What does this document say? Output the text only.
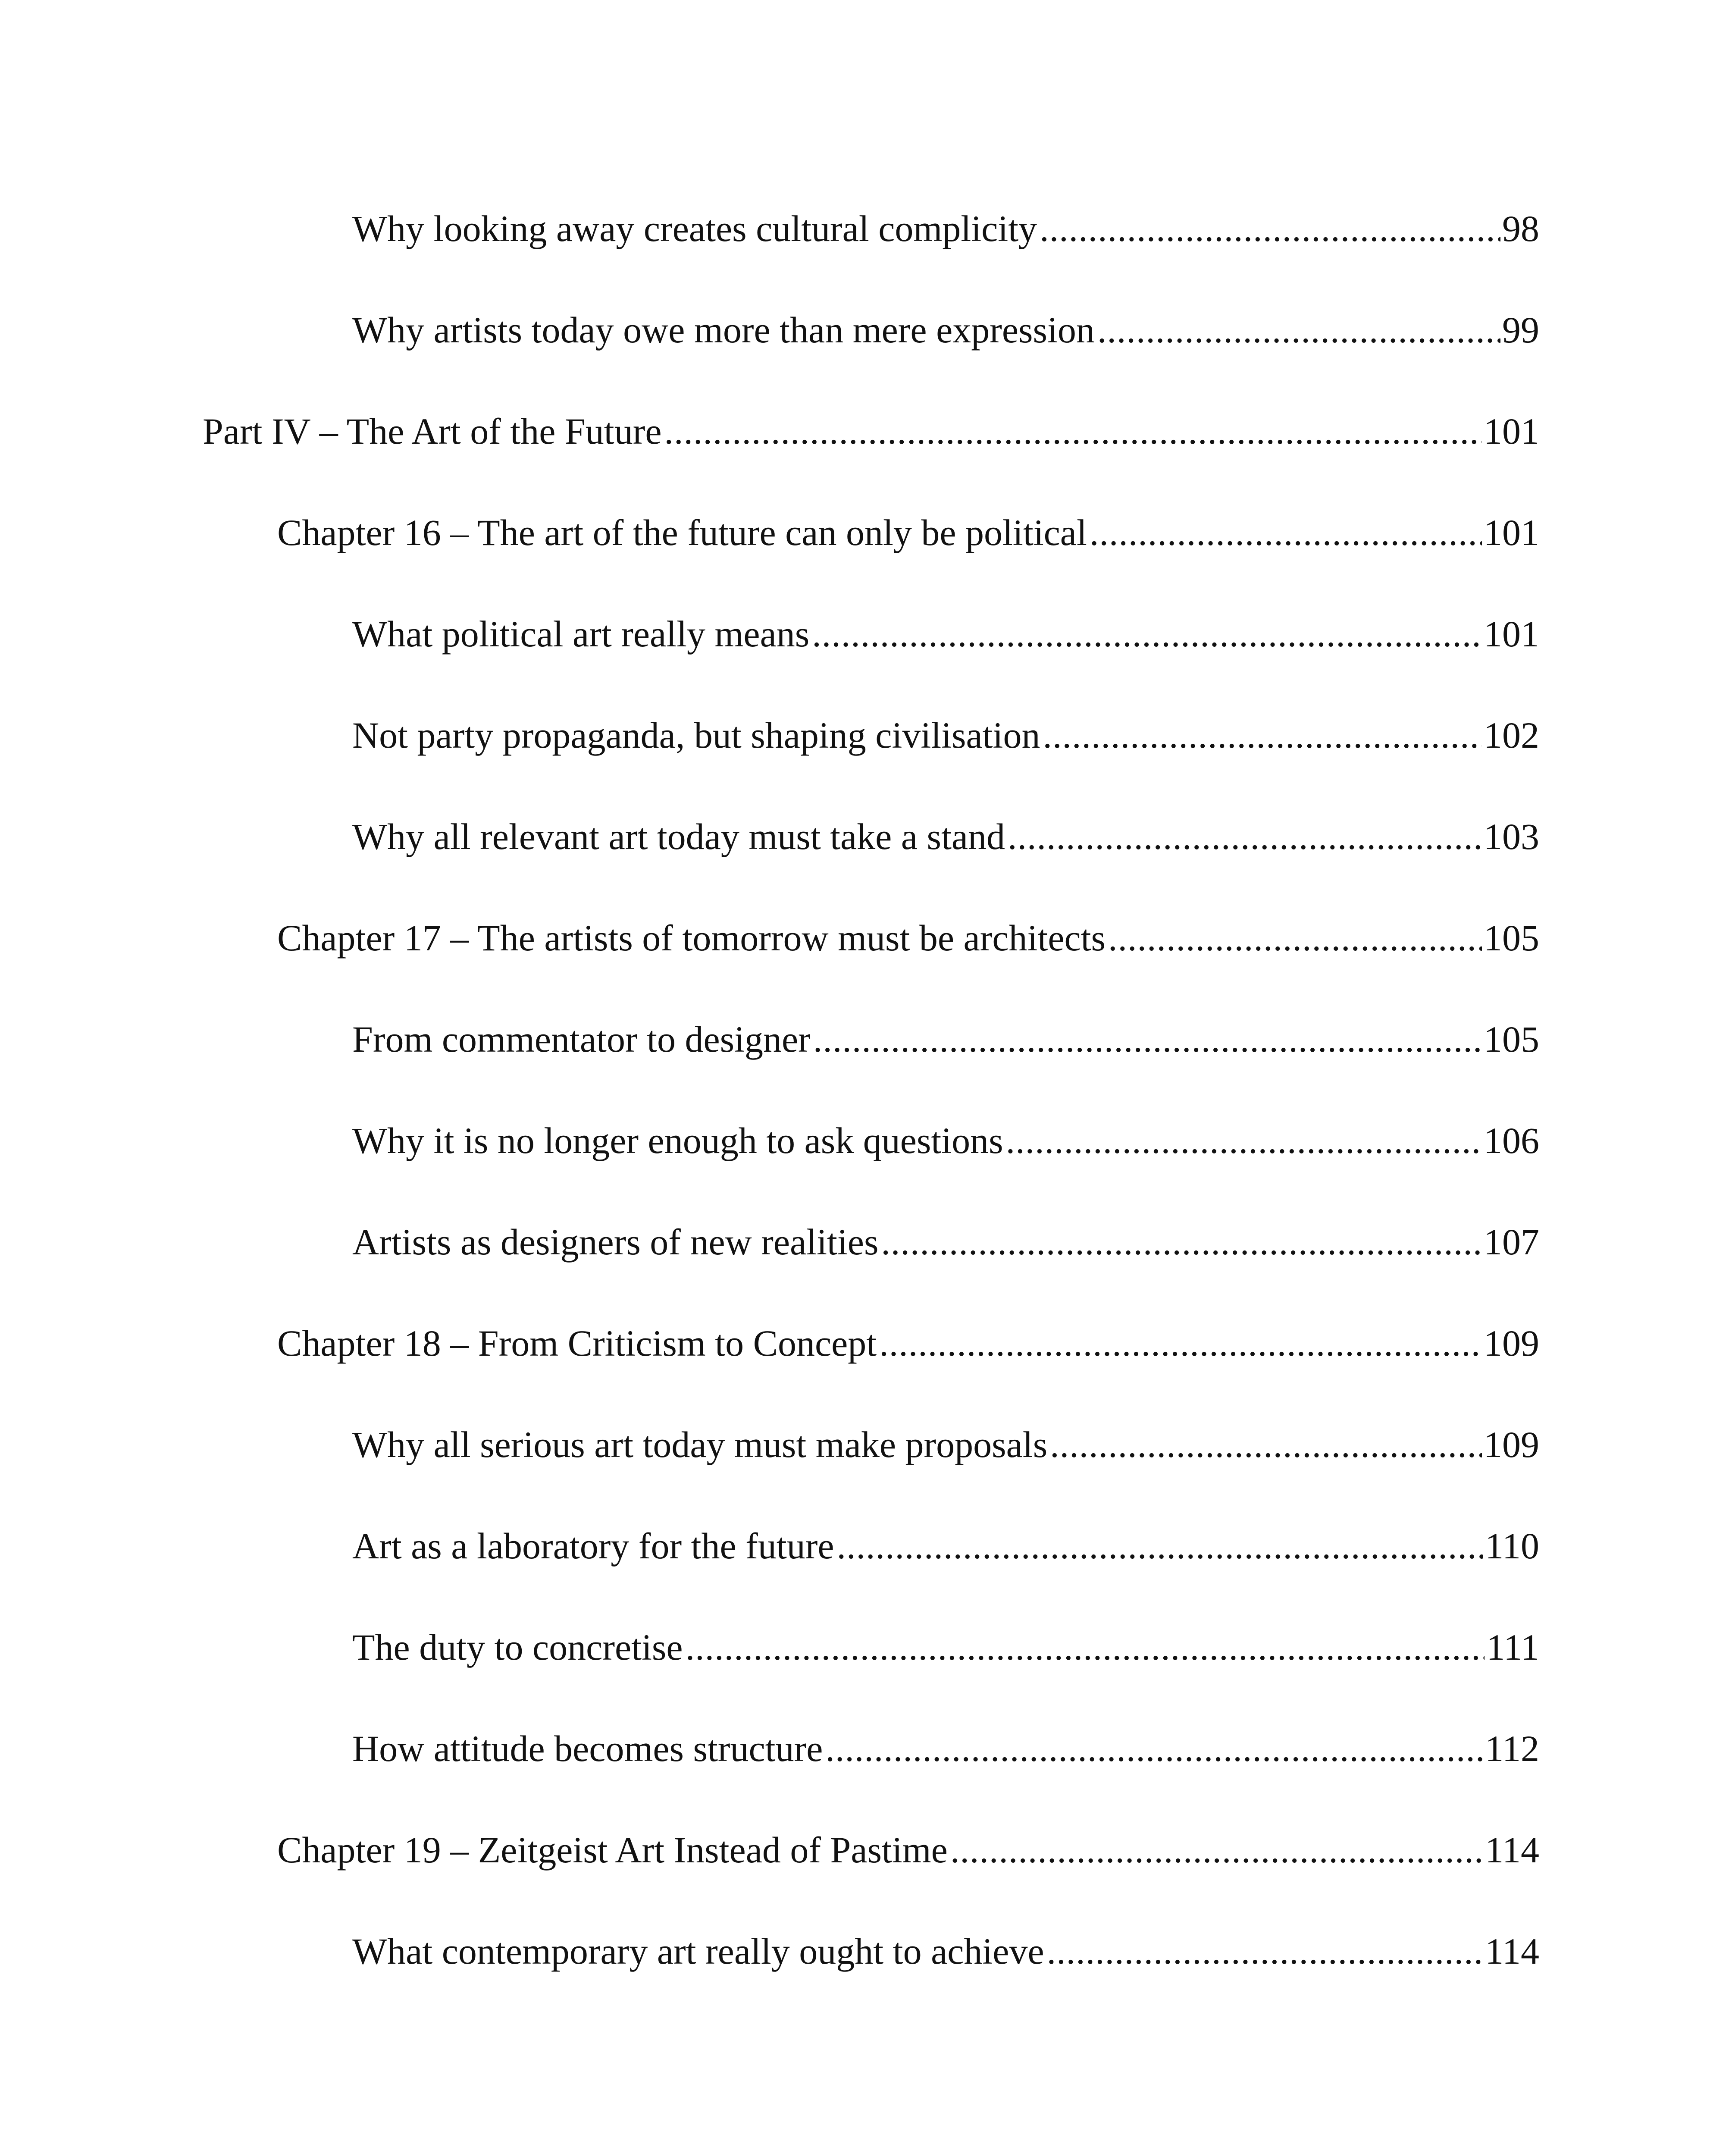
Why looking away creates cultural complicity .....	98
Why artists today owe more than mere expression .....	99
Part IV – The Art of the Future .....	101
Chapter 16 – The art of the future can only be political .....	101
What political art really means .....	101
Not party propaganda, but shaping civilisation .....	102
Why all relevant art today must take a stand .....	103
Chapter 17 – The artists of tomorrow must be architects .....	105
From commentator to designer .....	105
Why it is no longer enough to ask questions .....	106
Artists as designers of new realities .....	107
Chapter 18 – From Criticism to Concept .....	109
Why all serious art today must make proposals .....	109
Art as a laboratory for the future .....	110
The duty to concretise .....	111
How attitude becomes structure .....	112
Chapter 19 – Zeitgeist Art Instead of Pastime .....	114
What contemporary art really ought to achieve .....	114
